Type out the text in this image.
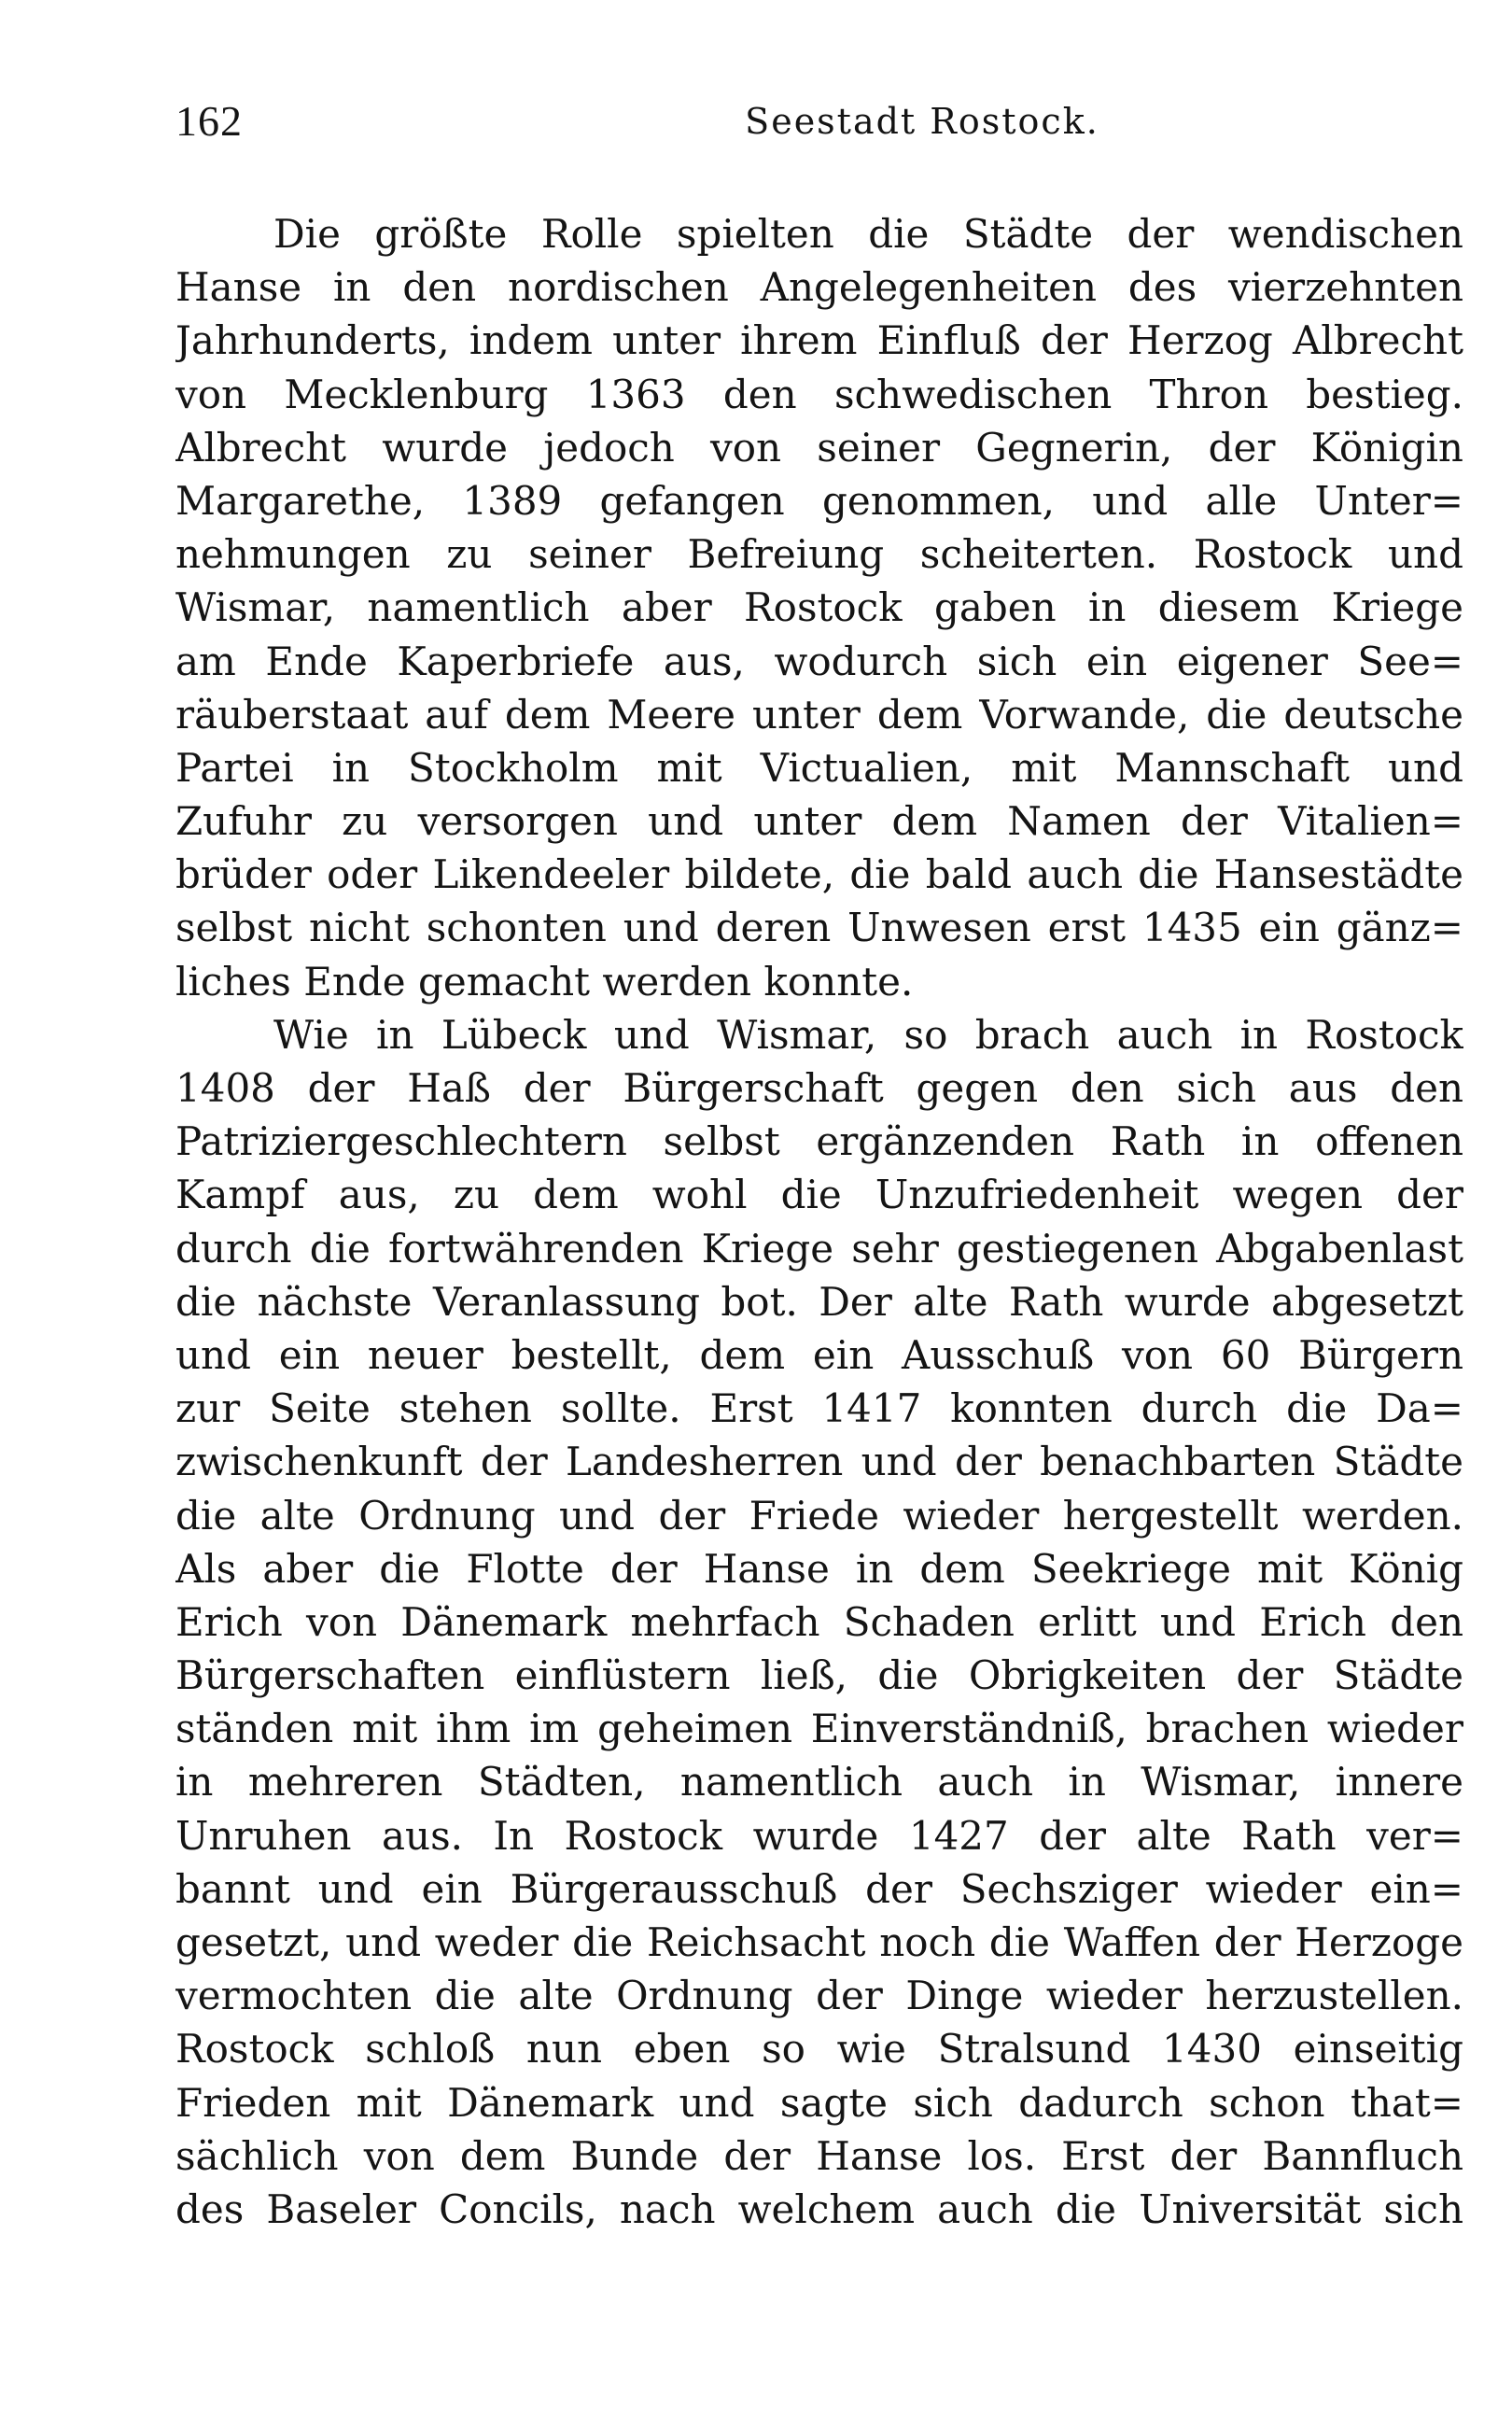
162	Seestadt Rostock.
Die größte Rolle spielten die Städte der wendischen
Hanse in den nordischen Angelegenheiten des vierzehnten
Jahrhunderts, indem unter ihrem Einfluß der Herzog Albrecht
von Mecklenburg 1363 den schwedischen Thron bestieg.
Albrecht wurde jedoch von seiner Gegnerin, der Königin
Margarethe, 1389 gefangen genommen, und alle Unter=
nehmungen zu seiner Befreiung scheiterten. Rostock und
Wismar, namentlich aber Rostock gaben in diesem Kriege
am Ende Kaperbriefe aus, wodurch sich ein eigener See=
räuberstaat auf dem Meere unter dem Vorwande, die deutsche
Partei in Stockholm mit Victualien, mit Mannschaft und
Zufuhr zu versorgen und unter dem Namen der Vitalien=
brüder oder Likendeeler bildete, die bald auch die Hansestädte
selbst nicht schonten und deren Unwesen erst 1435 ein gänz=
liches Ende gemacht werden konnte.
Wie in Lübeck und Wismar, so brach auch in Rostock
1408 der Haß der Bürgerschaft gegen den sich aus den
Patriziergeschlechtern selbst ergänzenden Rath in offenen
Kampf aus, zu dem wohl die Unzufriedenheit wegen der
durch die fortwährenden Kriege sehr gestiegenen Abgabenlast
die nächste Veranlassung bot. Der alte Rath wurde abgesetzt
und ein neuer bestellt, dem ein Ausschuß von 60 Bürgern
zur Seite stehen sollte. Erst 1417 konnten durch die Da=
zwischenkunft der Landesherren und der benachbarten Städte
die alte Ordnung und der Friede wieder hergestellt werden.
Als aber die Flotte der Hanse in dem Seekriege mit König
Erich von Dänemark mehrfach Schaden erlitt und Erich den
Bürgerschaften einflüstern ließ, die Obrigkeiten der Städte
ständen mit ihm im geheimen Einverständniß, brachen wieder
in mehreren Städten, namentlich auch in Wismar, innere
Unruhen aus. In Rostock wurde 1427 der alte Rath ver=
bannt und ein Bürgerausschuß der Sechsziger wieder ein=
gesetzt, und weder die Reichsacht noch die Waffen der Herzoge
vermochten die alte Ordnung der Dinge wieder herzustellen.
Rostock schloß nun eben so wie Stralsund 1430 einseitig
Frieden mit Dänemark und sagte sich dadurch schon that=
sächlich von dem Bunde der Hanse los. Erst der Bannfluch
des Baseler Concils, nach welchem auch die Universität sich
